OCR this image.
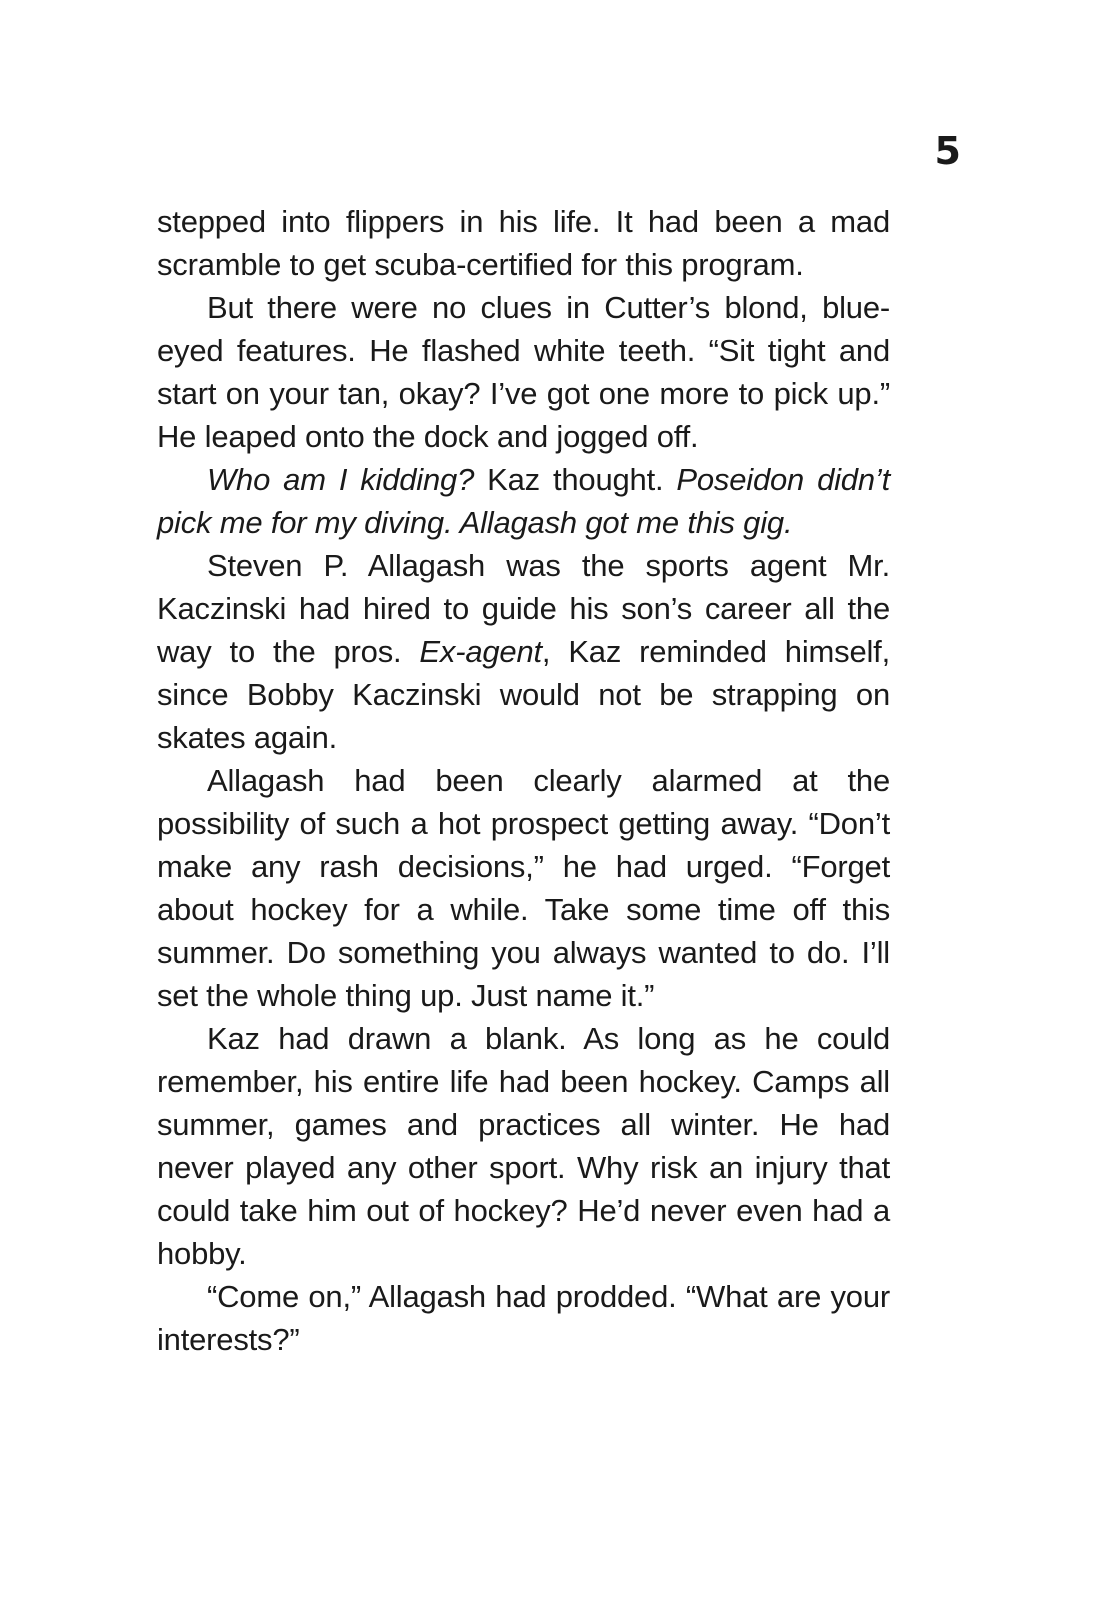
5

stepped into flippers in his life. It had been a mad scramble to get scuba-certified for this program.

But there were no clues in Cutter’s blond, blue-eyed features. He flashed white teeth. “Sit tight and start on your tan, okay? I’ve got one more to pick up.” He leaped onto the dock and jogged off.

Who am I kidding? Kaz thought. Poseidon didn’t pick me for my diving. Allagash got me this gig.

Steven P. Allagash was the sports agent Mr. Kaczinski had hired to guide his son’s career all the way to the pros. Ex-agent, Kaz reminded himself, since Bobby Kaczinski would not be strapping on skates again.

Allagash had been clearly alarmed at the possibility of such a hot prospect getting away. “Don’t make any rash decisions,” he had urged. “Forget about hockey for a while. Take some time off this summer. Do something you always wanted to do. I’ll set the whole thing up. Just name it.”

Kaz had drawn a blank. As long as he could remember, his entire life had been hockey. Camps all summer, games and practices all winter. He had never played any other sport. Why risk an injury that could take him out of hockey? He’d never even had a hobby.

“Come on,” Allagash had prodded. “What are your interests?”
